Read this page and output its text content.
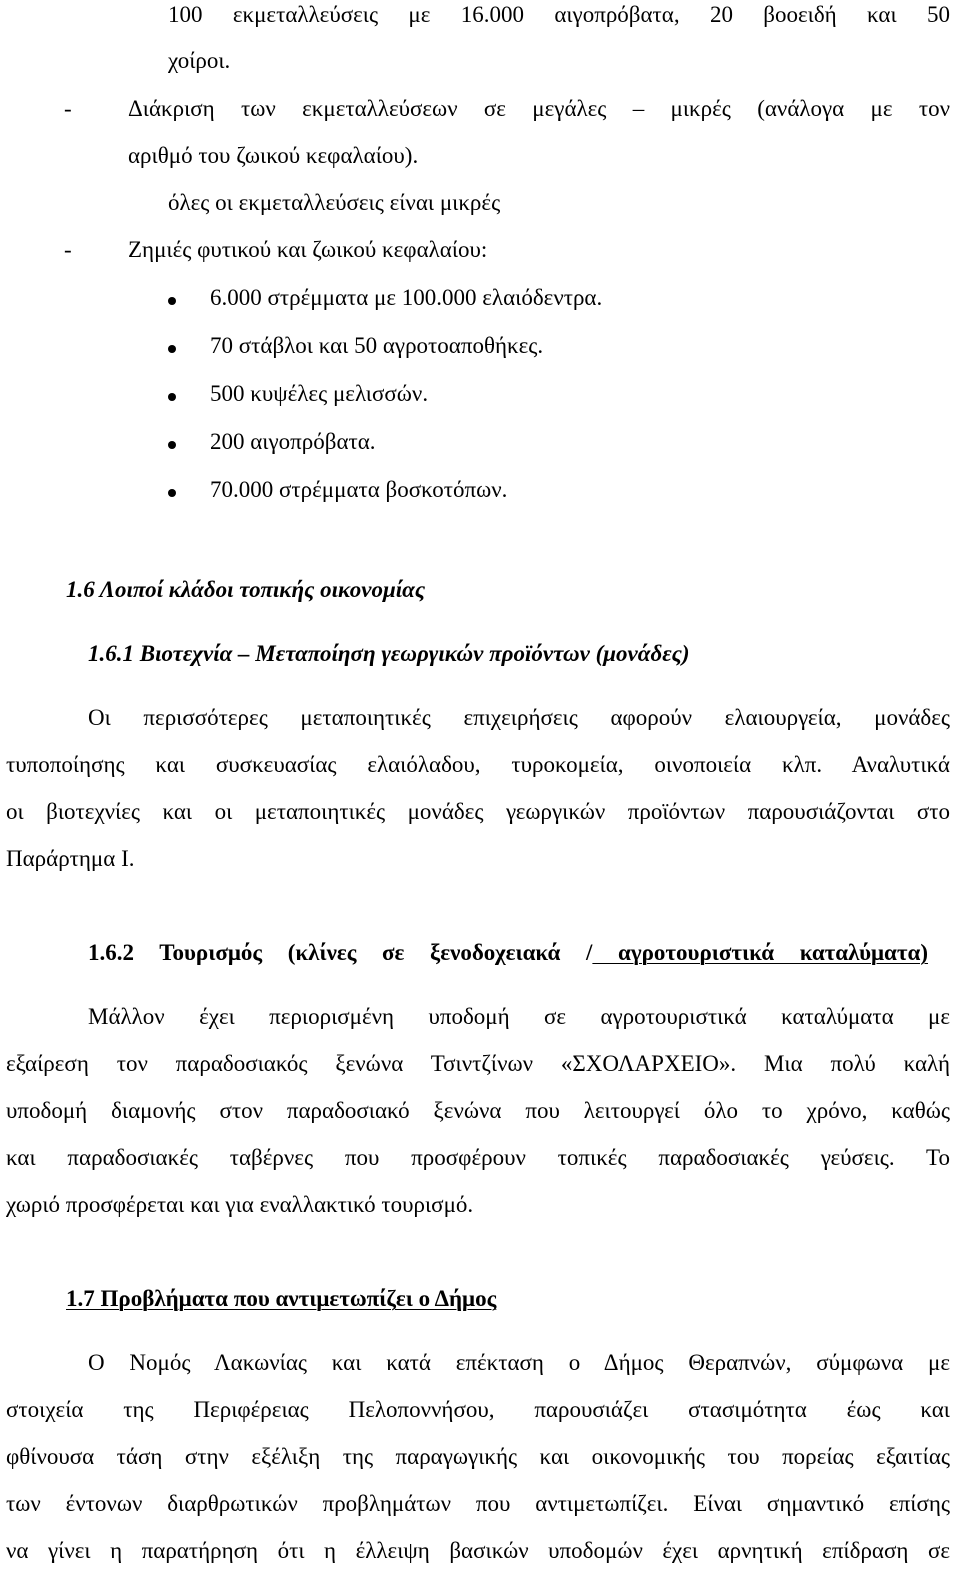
100 εκμεταλλεύσεις με 16.000 αιγοπρόβατα, 20 βοοειδή και 50
χοίροι.
- Διάκριση των εκμεταλλεύσεων σε μεγάλες – μικρές (ανάλογα με τον
αριθμό του ζωικού κεφαλαίου).
όλες οι εκμεταλλεύσεις είναι μικρές
- Ζημιές φυτικού και ζωικού κεφαλαίου:
6.000 στρέμματα με 100.000 ελαιόδεντρα.
70 στάβλοι και 50 αγροτοαποθήκες.
500 κυψέλες μελισσών.
200 αιγοπρόβατα.
70.000 στρέμματα βοσκοτόπων.
1.6 Λοιποί κλάδοι τοπικής οικονομίας
1.6.1 Βιοτεχνία – Μεταποίηση γεωργικών προϊόντων (μονάδες)
Οι περισσότερες μεταποιητικές επιχειρήσεις αφορούν ελαιουργεία, μονάδες
τυποποίησης και συσκευασίας ελαιόλαδου, τυροκομεία, οινοποιεία κλπ. Αναλυτικά
οι βιοτεχνίες και οι μεταποιητικές μονάδες γεωργικών προϊόντων παρουσιάζονται στο
Παράρτημα Ι.
1.6.2 Τουρισμός (κλίνες σε ξενοδοχειακά / αγροτουριστικά καταλύματα)
Μάλλον έχει περιορισμένη υποδομή σε αγροτουριστικά καταλύματα με
εξαίρεση τον παραδοσιακός ξενώνα Τσιντζίνων «ΣΧΟΛΑΡΧΕΙΟ». Μια πολύ καλή
υποδομή διαμονής στον παραδοσιακό ξενώνα που λειτουργεί όλο το χρόνο, καθώς
και παραδοσιακές ταβέρνες που προσφέρουν τοπικές παραδοσιακές γεύσεις. Το
χωριό προσφέρεται και για εναλλακτικό τουρισμό.
1.7 Προβλήματα που αντιμετωπίζει ο Δήμος
Ο Νομός Λακωνίας και κατά επέκταση ο Δήμος Θεραπνών, σύμφωνα με
στοιχεία της Περιφέρειας Πελοποννήσου, παρουσιάζει στασιμότητα έως και
φθίνουσα τάση στην εξέλιξη της παραγωγικής και οικονομικής του πορείας εξαιτίας
των έντονων διαρθρωτικών προβλημάτων που αντιμετωπίζει. Είναι σημαντικό επίσης
να γίνει η παρατήρηση ότι η έλλειψη βασικών υποδομών έχει αρνητική επίδραση σε
